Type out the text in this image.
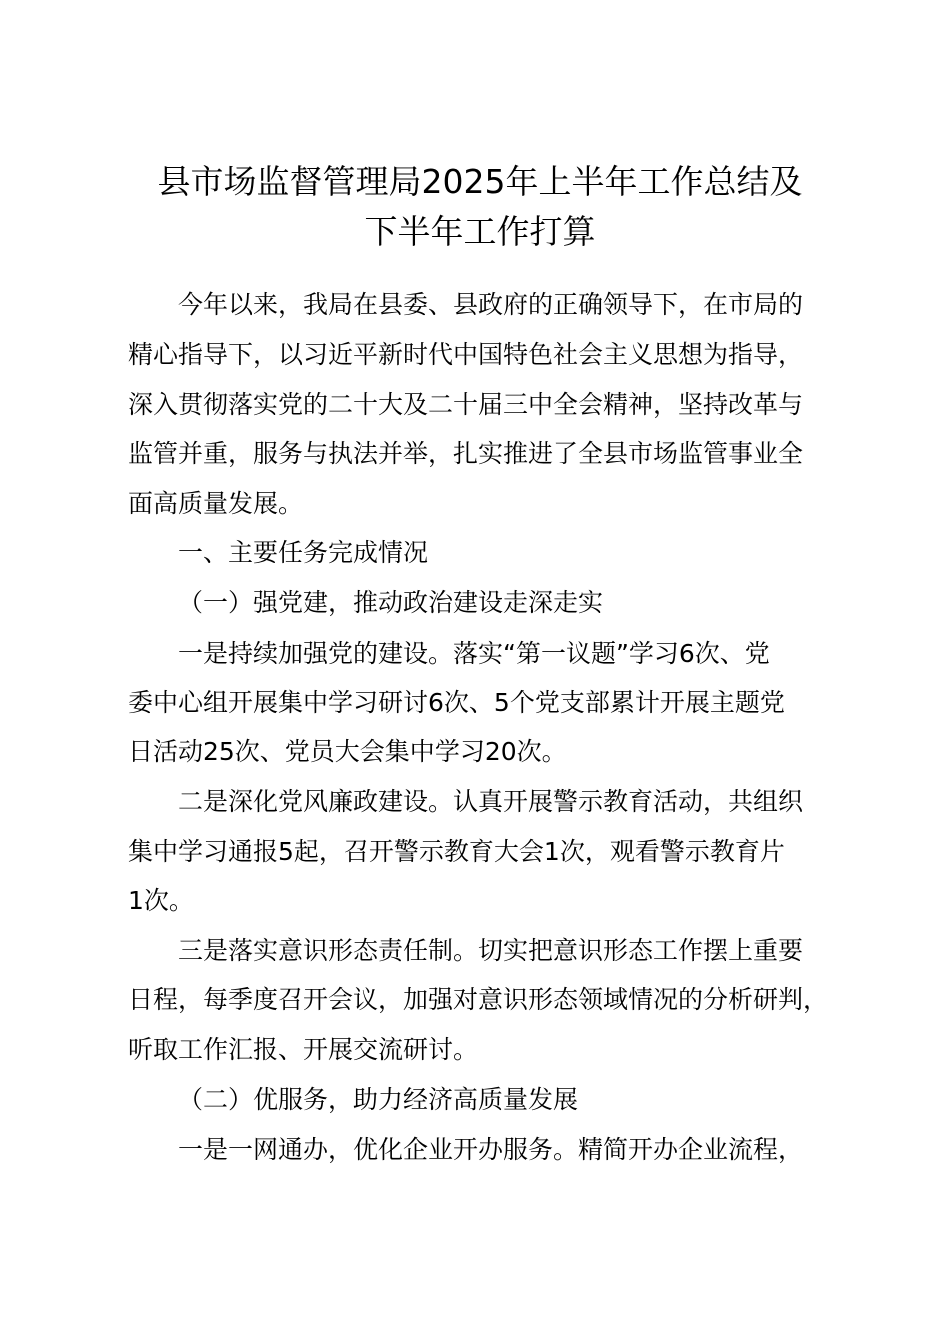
县市场监督管理局2025年上半年工作总结及
下半年工作打算
今年以来，我局在县委、县政府的正确领导下，在市局的
精心指导下，以习近平新时代中国特色社会主义思想为指导，
深入贯彻落实党的二十大及二十届三中全会精神，坚持改革与
监管并重，服务与执法并举，扎实推进了全县市场监管事业全
面高质量发展。
一、主要任务完成情况
（一）强党建，推动政治建设走深走实
一是持续加强党的建设。落实“第一议题”学习6次、党
委中心组开展集中学习研讨6次、5个党支部累计开展主题党
日活动25次、党员大会集中学习20次。
二是深化党风廉政建设。认真开展警示教育活动，共组织
集中学习通报5起，召开警示教育大会1次，观看警示教育片
1次。
三是落实意识形态责任制。切实把意识形态工作摆上重要
日程，每季度召开会议，加强对意识形态领域情况的分析研判，
听取工作汇报、开展交流研讨。
（二）优服务，助力经济高质量发展
一是一网通办，优化企业开办服务。精简开办企业流程，
